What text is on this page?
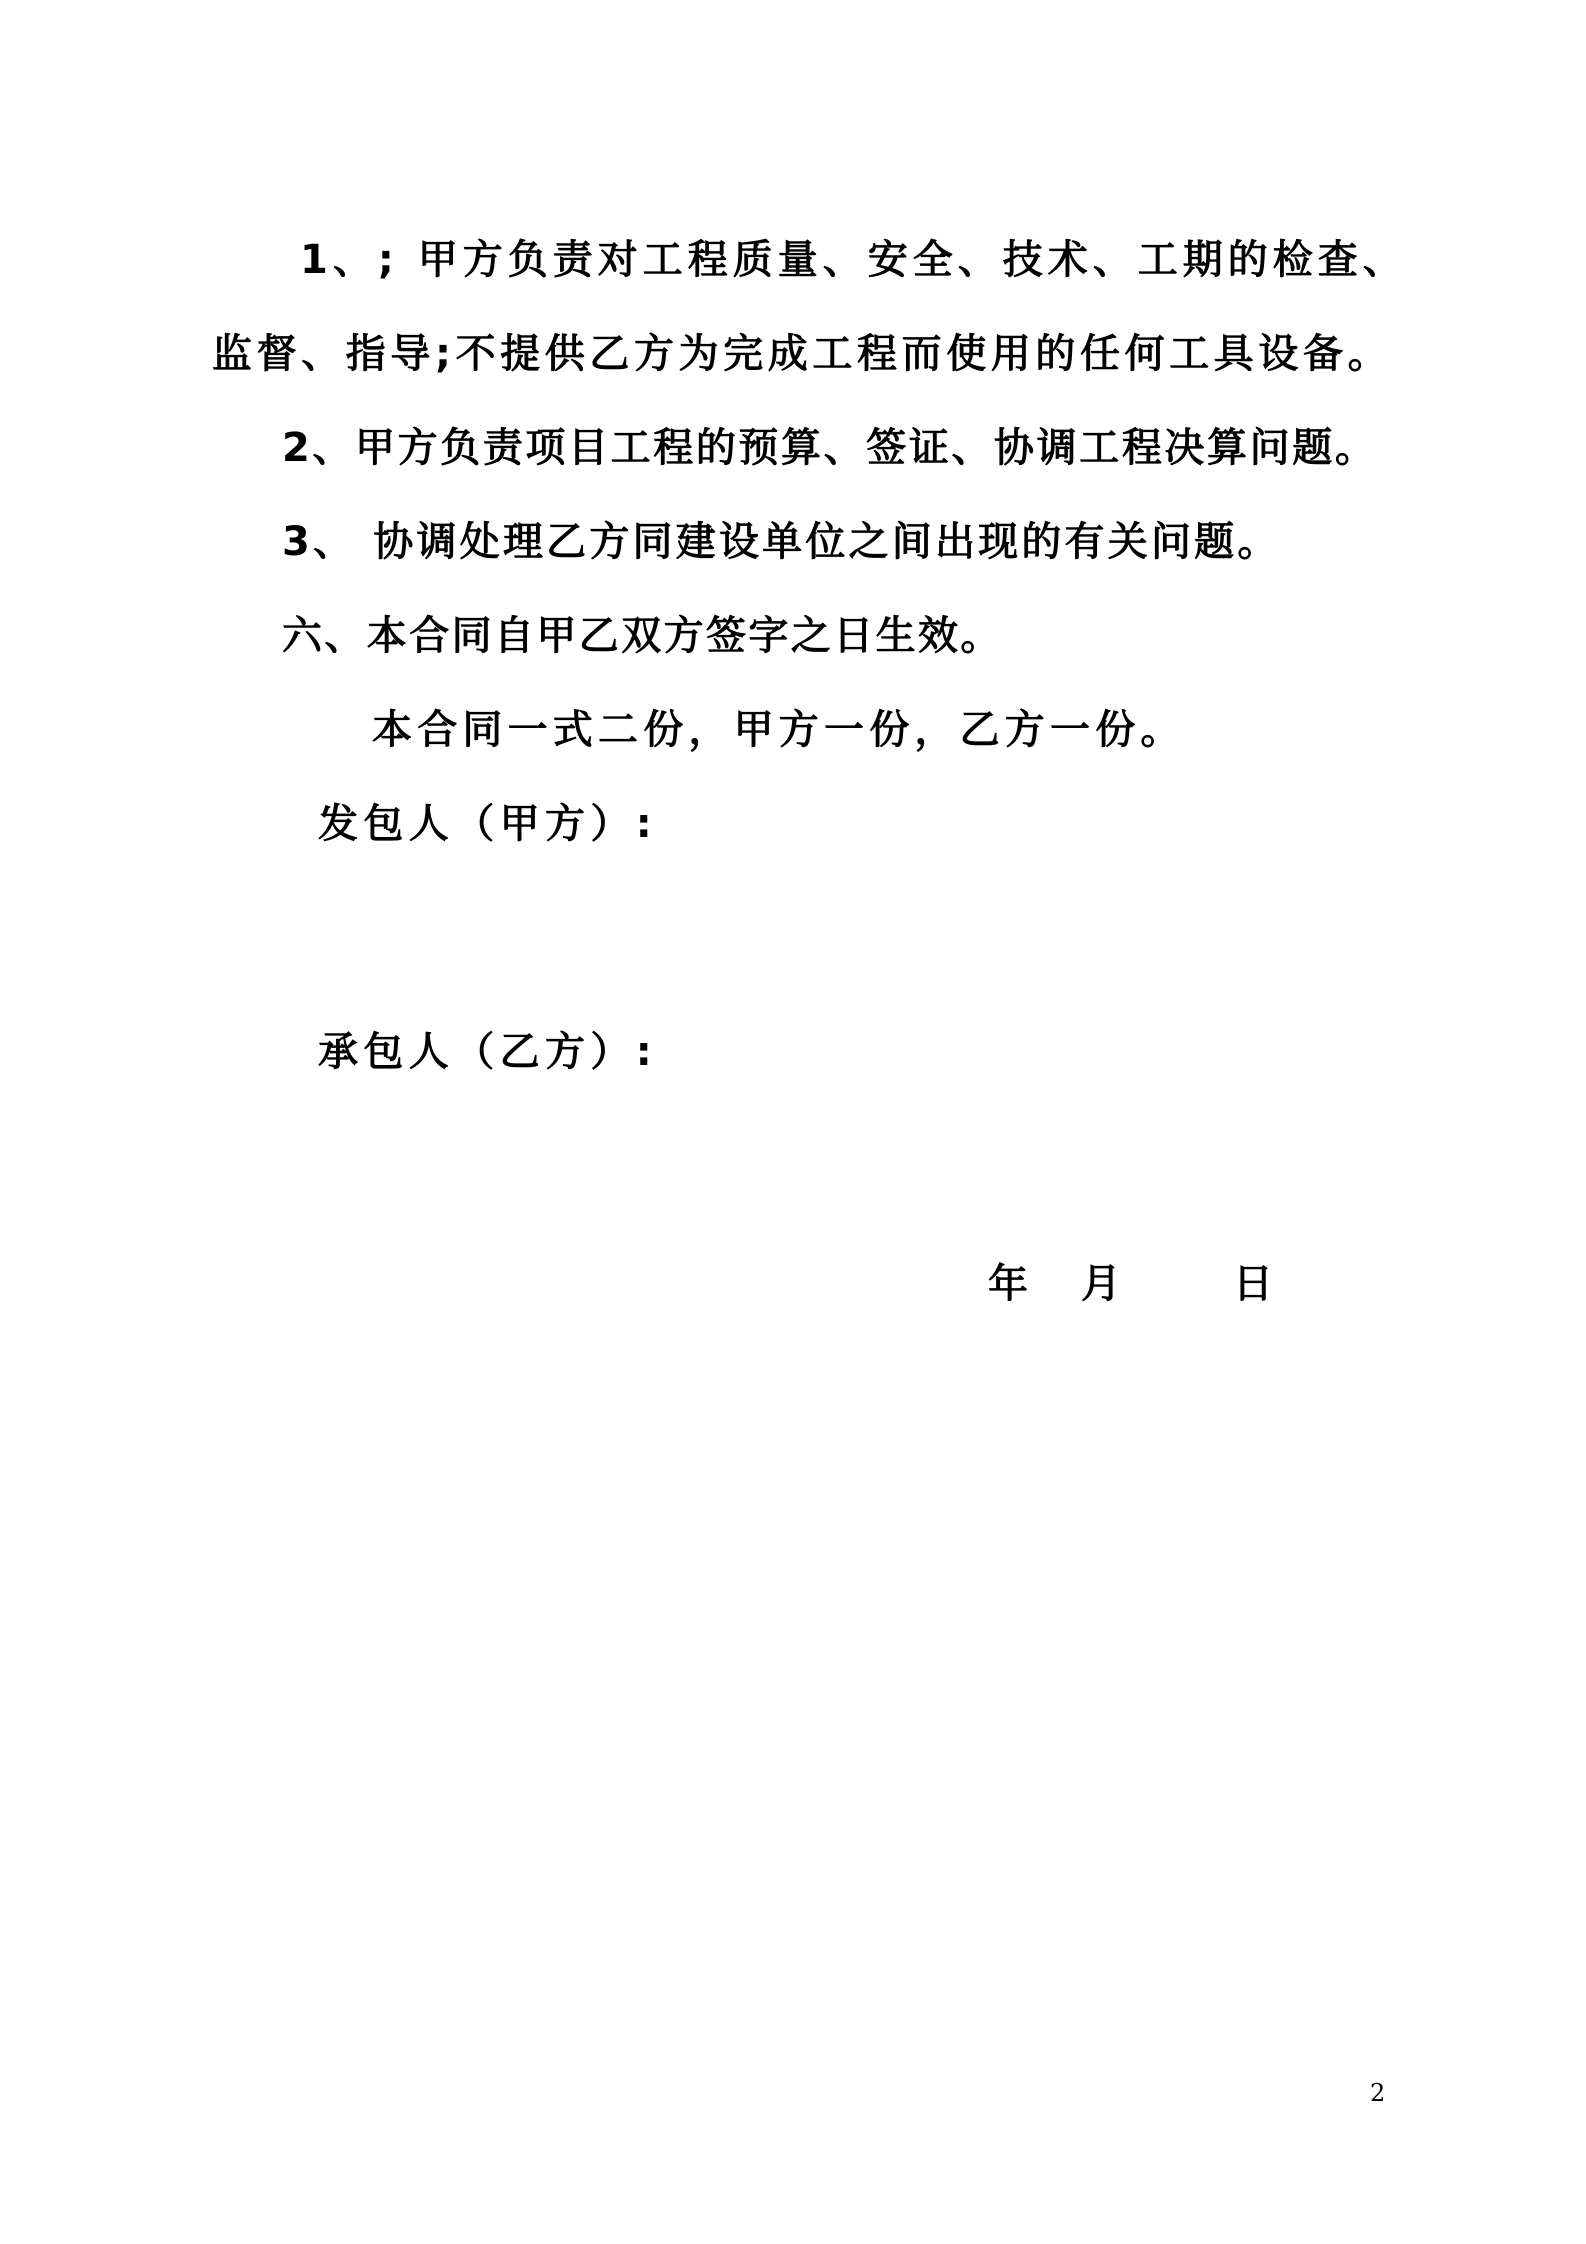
1、; 甲方负责对工程质量、安全、技术、工期的检查、
监督、指导;不提供乙方为完成工程而使用的任何工具设备。
2、甲方负责项目工程的预算、签证、协调工程决算问题。
3、 协调处理乙方同建设单位之间出现的有关问题。
六、本合同自甲乙双方签字之日生效。
本合同一式二份，甲方一份，乙方一份。
发包人（甲方）:
承包人（乙方）:
年 月	日
2
